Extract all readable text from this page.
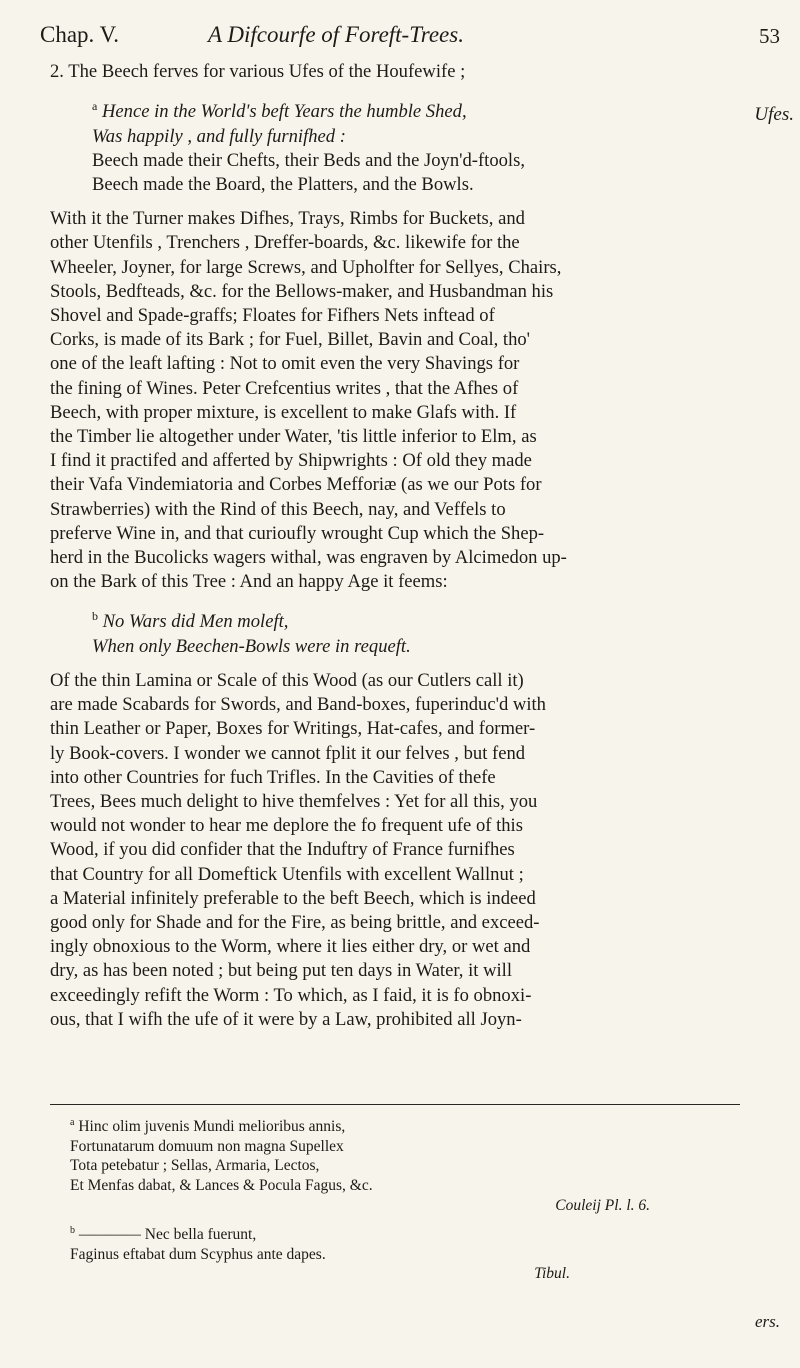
Chap. V.	A Difcourfe of Foreft-Trees.	53
Ufes.
2. The Beech ferves for various Ufes of the Houfewife ;
$^a$ Hence in the World's beft Years the humble Shed,
Was happily , and fully furnifhed :
Beech made their Chefts, their Beds and the Joyn'd-ftools,
Beech made the Board, the Platters, and the Bowls.
With it the Turner makes Difhes, Trays, Rimbs for Buckets, and
other Utenfils , Trenchers , Dreffer-boards, &c. likewife for the
Wheeler, Joyner, for large Screws, and Upholfter for Sellyes, Chairs,
Stools, Bedfteads, &c. for the Bellows-maker, and Husbandman his
Shovel and Spade-graffs; Floates for Fifhers Nets inftead of
Corks, is made of its Bark ; for Fuel, Billet, Bavin and Coal, tho'
one of the leaft lafting : Not to omit even the very Shavings for
the fining of Wines. Peter Crefcentius writes , that the Afhes of
Beech, with proper mixture, is excellent to make Glafs with. If
the Timber lie altogether under Water, 'tis little inferior to Elm, as
I find it practifed and afferted by Shipwrights : Of old they made
their Vafa Vindemiatoria and Corbes Mefforiæ (as we our Pots for
Strawberries) with the Rind of this Beech, nay, and Veffels to
preferve Wine in, and that curioufly wrought Cup which the Shep-
herd in the Bucolicks wagers withal, was engraven by Alcimedon up-
on the Bark of this Tree : And an happy Age it feems:
$^b$ No Wars did Men moleft,
When only Beechen-Bowls were in requeft.
Of the thin Lamina or Scale of this Wood (as our Cutlers call it)
are made Scabards for Swords, and Band-boxes, fuperinduc'd with
thin Leather or Paper, Boxes for Writings, Hat-cafes, and former-
ly Book-covers. I wonder we cannot fplit it our felves , but fend
into other Countries for fuch Trifles. In the Cavities of thefe
Trees, Bees much delight to hive themfelves : Yet for all this, you
would not wonder to hear me deplore the fo frequent ufe of this
Wood, if you did confider that the Induftry of France furnifhes
that Country for all Domeftick Utenfils with excellent Wallnut ;
a Material infinitely preferable to the beft Beech, which is indeed
good only for Shade and for the Fire, as being brittle, and exceed-
ingly obnoxious to the Worm, where it lies either dry, or wet and
dry, as has been noted ; but being put ten days in Water, it will
exceedingly refift the Worm : To which, as I faid, it is fo obnoxi-
ous, that I wifh the ufe of it were by a Law, prohibited all Joyn-
$^a$ Hinc olim juvenis Mundi melioribus annis,
Fortunatarum domuum non magna Supellex
Tota petebatur ; Sellas, Armaria, Lectos,
Et Menfas dabat, & Lances & Pocula Fagus, &c.
Couleij Pl. l. 6.
$^b$ ———— Nec bella fuerunt,
Faginus eftabat dum Scyphus ante dapes.
Tibul.
ers.
